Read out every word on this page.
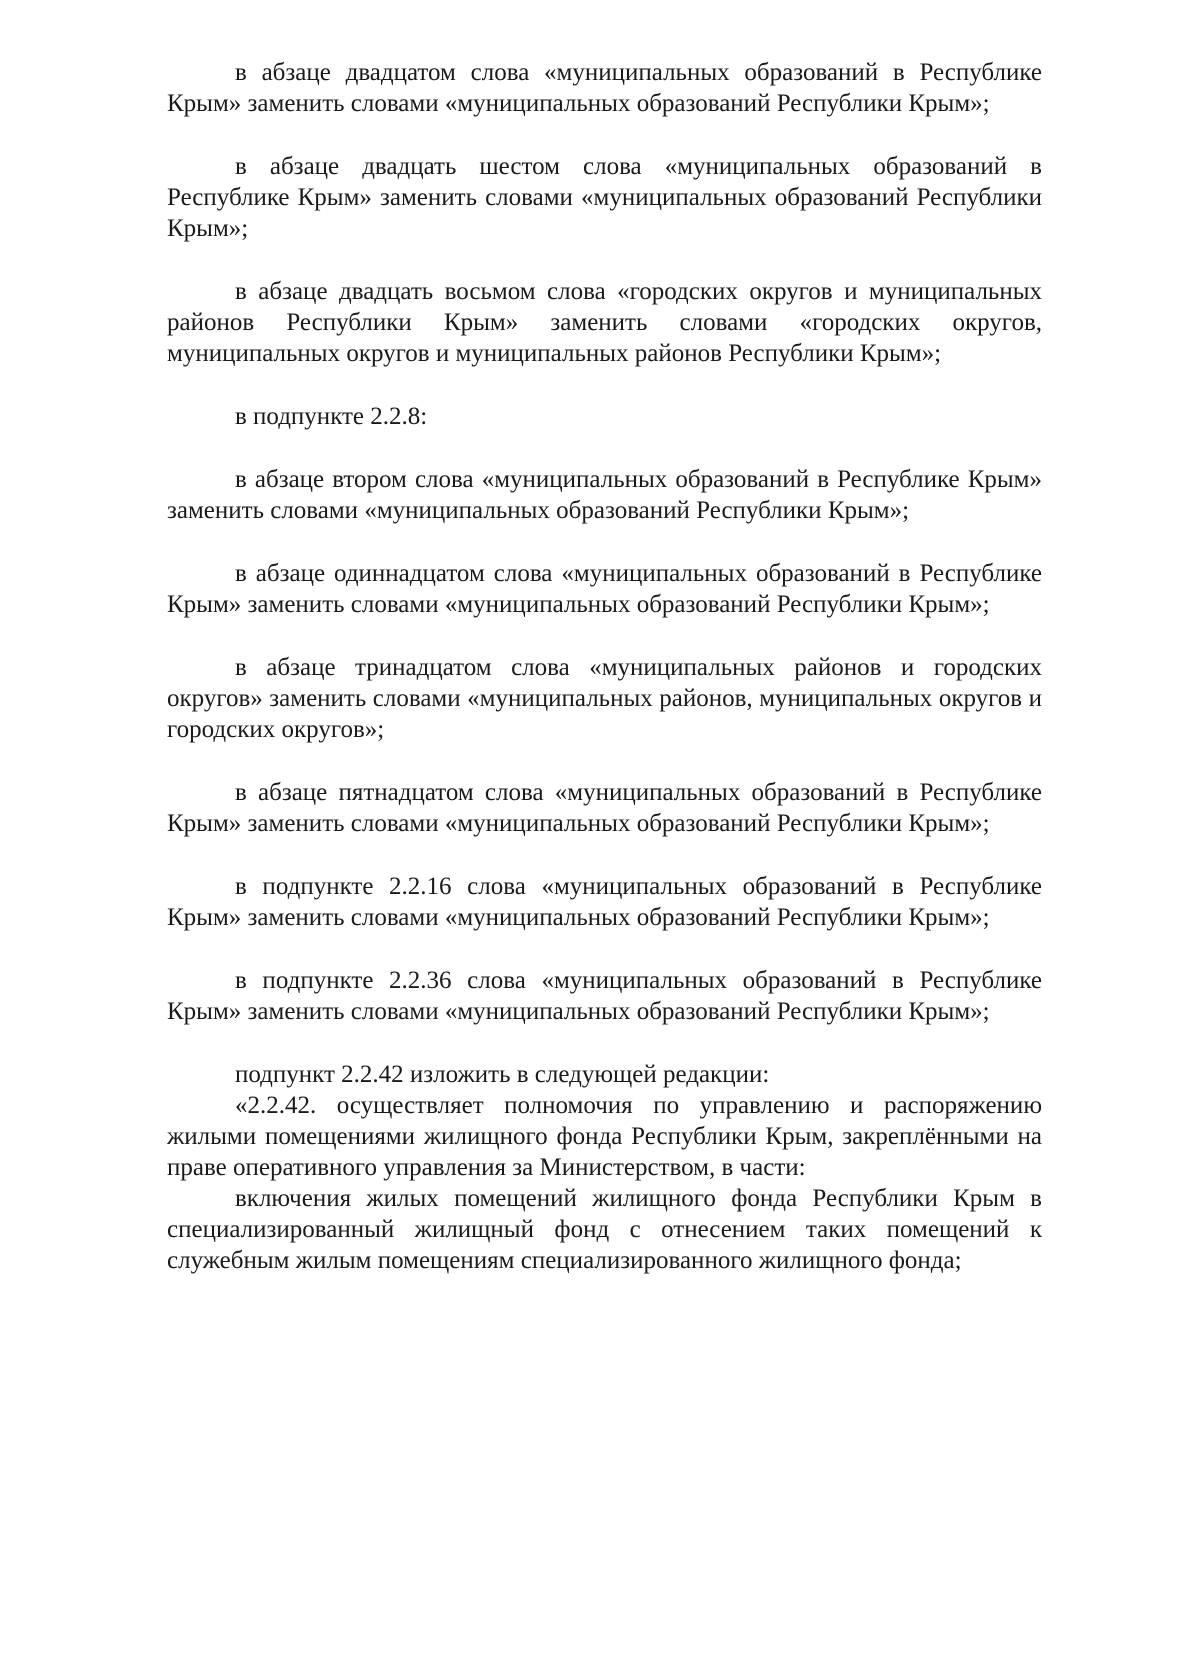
в абзаце двадцатом слова «муниципальных образований в Республике Крым» заменить словами «муниципальных образований Республики Крым»;

в абзаце двадцать шестом слова «муниципальных образований в Республике Крым» заменить словами «муниципальных образований Республики Крым»;

в абзаце двадцать восьмом слова «городских округов и муниципальных районов Республики Крым» заменить словами «городских округов, муниципальных округов и муниципальных районов Республики Крым»;

в подпункте 2.2.8:

в абзаце втором слова «муниципальных образований в Республике Крым» заменить словами «муниципальных образований Республики Крым»;

в абзаце одиннадцатом слова «муниципальных образований в Республике Крым» заменить словами «муниципальных образований Республики Крым»;

в абзаце тринадцатом слова «муниципальных районов и городских округов» заменить словами «муниципальных районов, муниципальных округов и городских округов»;

в абзаце пятнадцатом слова «муниципальных образований в Республике Крым» заменить словами «муниципальных образований Республики Крым»;

в подпункте 2.2.16 слова «муниципальных образований в Республике Крым» заменить словами «муниципальных образований Республики Крым»;

в подпункте 2.2.36 слова «муниципальных образований в Республике Крым» заменить словами «муниципальных образований Республики Крым»;

подпункт 2.2.42 изложить в следующей редакции:

«2.2.42. осуществляет полномочия по управлению и распоряжению жилыми помещениями жилищного фонда Республики Крым, закреплёнными на праве оперативного управления за Министерством, в части:

включения жилых помещений жилищного фонда Республики Крым в специализированный жилищный фонд с отнесением таких помещений к служебным жилым помещениям специализированного жилищного фонда;
